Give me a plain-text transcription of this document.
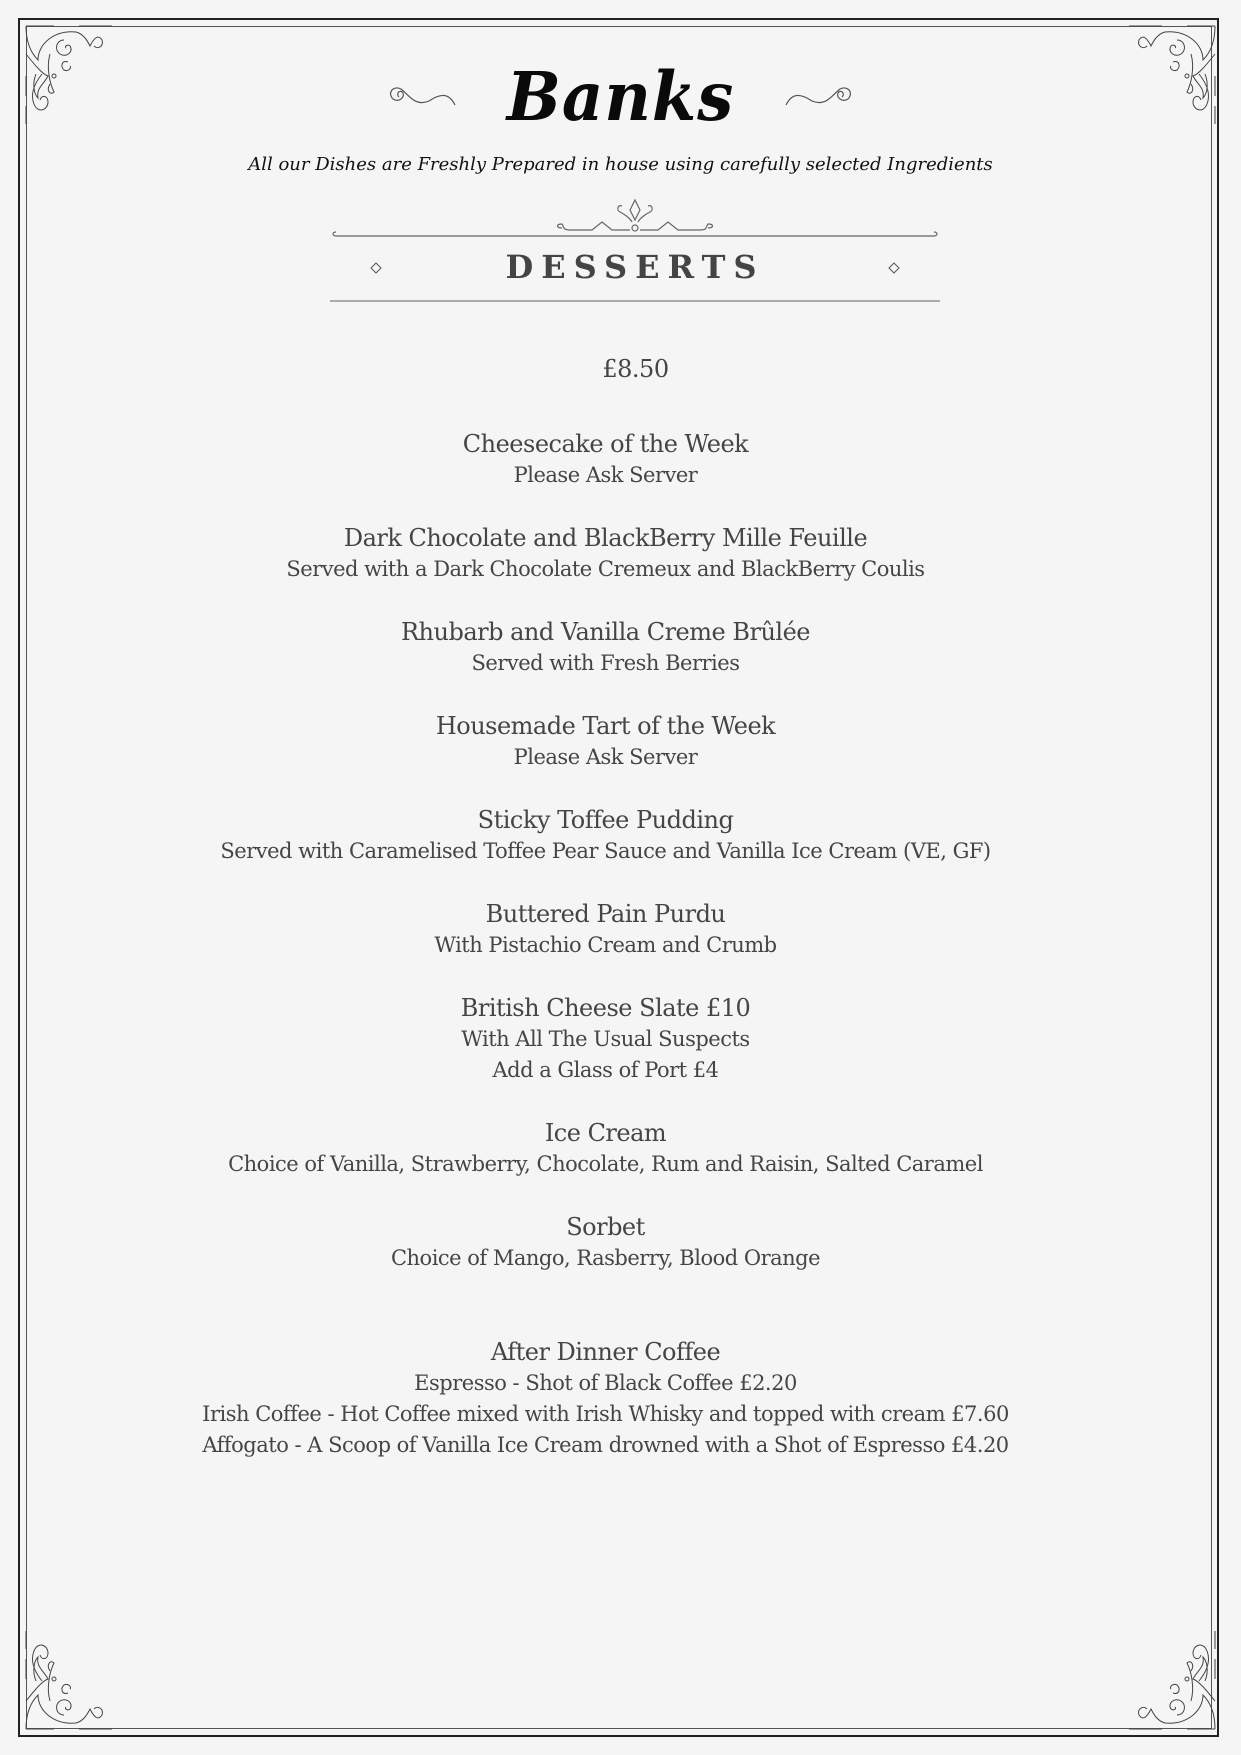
Banks
All our Dishes are Freshly Prepared in house using carefully selected Ingredients
DESSERTS
£8.50
Cheesecake of the Week
Please Ask Server
Dark Chocolate and BlackBerry Mille Feuille
Served with a Dark Chocolate Cremeux and BlackBerry Coulis
Rhubarb and Vanilla Creme Brûlée
Served with Fresh Berries
Housemade Tart of the Week
Please Ask Server
Sticky Toffee Pudding
Served with Caramelised Toffee Pear Sauce and Vanilla Ice Cream (VE, GF)
Buttered Pain Purdu
With Pistachio Cream and Crumb
British Cheese Slate £10
With All The Usual Suspects
Add a Glass of Port £4
Ice Cream
Choice of Vanilla, Strawberry, Chocolate, Rum and Raisin, Salted Caramel
Sorbet
Choice of Mango, Rasberry, Blood Orange
After Dinner Coffee
Espresso - Shot of Black Coffee £2.20
Irish Coffee - Hot Coffee mixed with Irish Whisky and topped with cream £7.60
Affogato - A Scoop of Vanilla Ice Cream drowned with a Shot of Espresso £4.20
